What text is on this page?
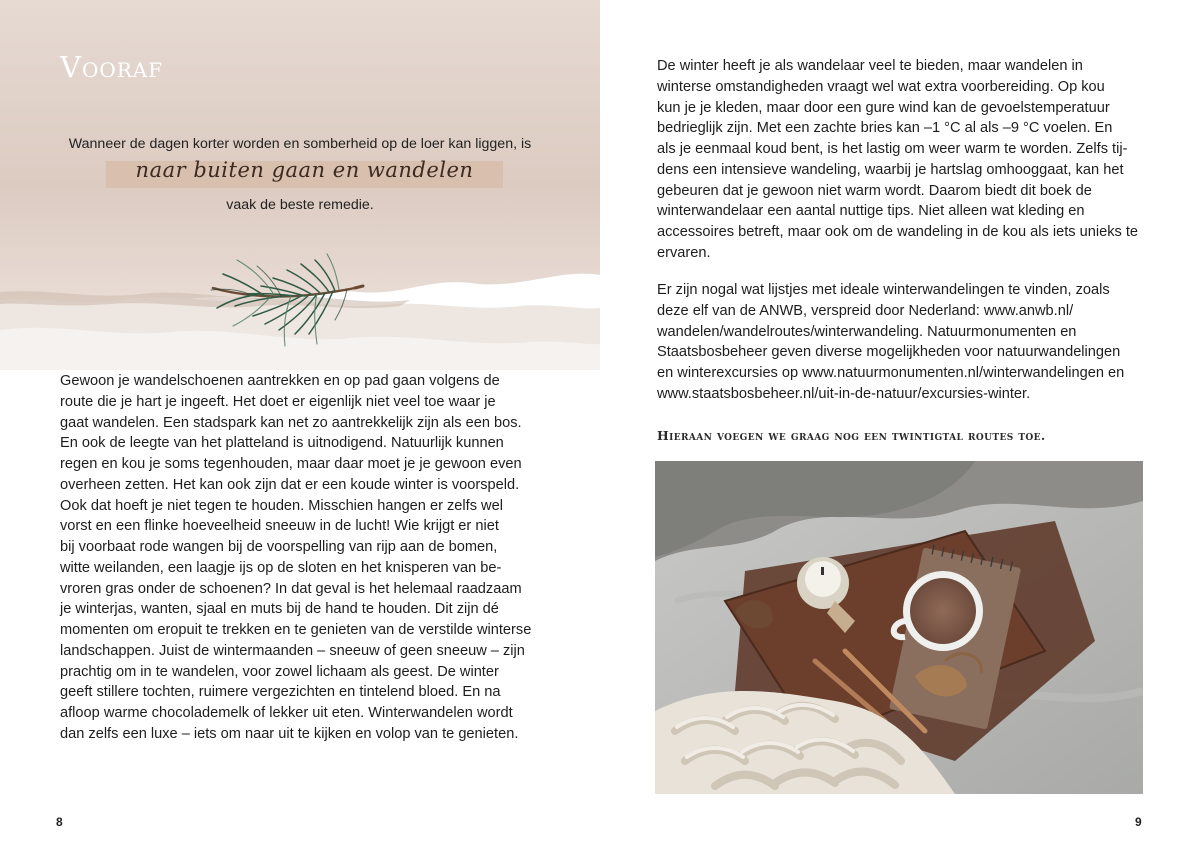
Vooraf

Wanneer de dagen korter worden en somberheid op de loer kan liggen, is

naar buiten gaan en wandelen

vaak de beste remedie.

Gewoon je wandelschoenen aantrekken en op pad gaan volgens de
route die je hart je ingeeft. Het doet er eigenlijk niet veel toe waar je
gaat wandelen. Een stadspark kan net zo aantrekkelijk zijn als een bos.
En ook de leegte van het platteland is uitnodigend. Natuurlijk kunnen
regen en kou je soms tegenhouden, maar daar moet je je gewoon even
overheen zetten. Het kan ook zijn dat er een koude winter is voorspeld.
Ook dat hoeft je niet tegen te houden. Misschien hangen er zelfs wel
vorst en een flinke hoeveelheid sneeuw in de lucht! Wie krijgt er niet
bij voorbaat rode wangen bij de voorspelling van rijp aan de bomen,
witte weilanden, een laagje ijs op de sloten en het knisperen van be-
vroren gras onder de schoenen? In dat geval is het helemaal raadzaam
je winterjas, wanten, sjaal en muts bij de hand te houden. Dit zijn dé
momenten om eropuit te trekken en te genieten van de verstilde winterse
landschappen. Juist de wintermaanden – sneeuw of geen sneeuw – zijn
prachtig om in te wandelen, voor zowel lichaam als geest. De winter
geeft stillere tochten, ruimere vergezichten en tintelend bloed. En na
afloop warme chocolademelk of lekker uit eten. Winterwandelen wordt
dan zelfs een luxe – iets om naar uit te kijken en volop van te genieten.

8

De winter heeft je als wandelaar veel te bieden, maar wandelen in
winterse omstandigheden vraagt wel wat extra voorbereiding. Op kou
kun je je kleden, maar door een gure wind kan de gevoelstemperatuur
bedrieglijk zijn. Met een zachte bries kan –1 °C al als –9 °C voelen. En
als je eenmaal koud bent, is het lastig om weer warm te worden. Zelfs tij-
dens een intensieve wandeling, waarbij je hartslag omhooggaat, kan het
gebeuren dat je gewoon niet warm wordt. Daarom biedt dit boek de
winterwandelaar een aantal nuttige tips. Niet alleen wat kleding en
accessoires betreft, maar ook om de wandeling in de kou als iets unieks te
ervaren.
Er zijn nogal wat lijstjes met ideale winterwandelingen te vinden, zoals
deze elf van de ANWB, verspreid door Nederland: www.anwb.nl/
wandelen/wandelroutes/winterwandeling. Natuurmonumenten en
Staatsbosbeheer geven diverse mogelijkheden voor natuurwandelingen
en winterexcursies op www.natuurmonumenten.nl/winterwandelingen en
www.staatsbosbeheer.nl/uit-in-de-natuur/excursies-winter.

Hieraan voegen we graag nog een twintigtal routes toe.

9
